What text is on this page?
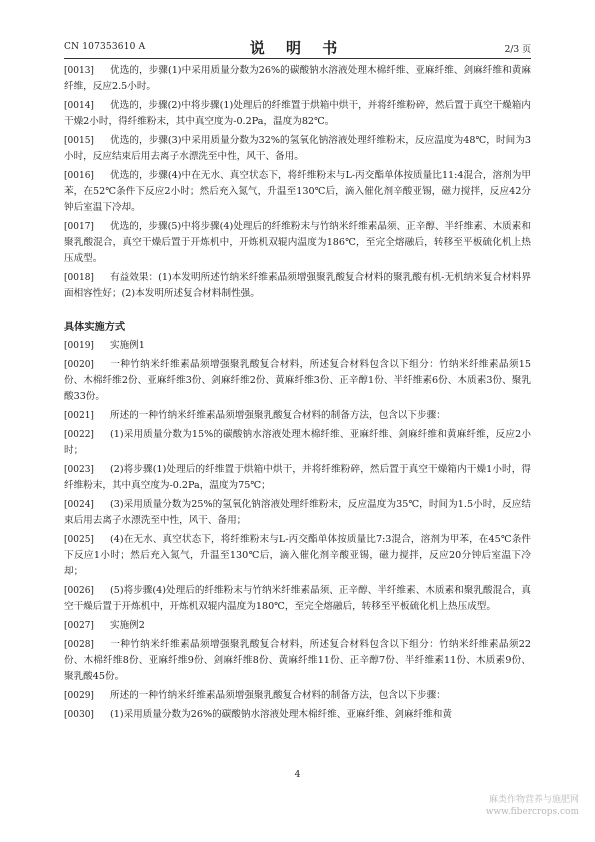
CN 107353610 A	说 明 书	2/3 页
[0013] 优选的，步骤(1)中采用质量分数为26%的碳酸钠水溶液处理木棉纤维、亚麻纤维、剑麻纤维和黄麻纤维，反应2.5小时。
[0014] 优选的，步骤(2)中将步骤(1)处理后的纤维置于烘箱中烘干，并将纤维粉碎，然后置于真空干燥箱内干燥2小时，得纤维粉末，其中真空度为-0.2Pa，温度为82℃。
[0015] 优选的，步骤(3)中采用质量分数为32%的氢氧化钠溶液处理纤维粉末，反应温度为48℃，时间为3小时，反应结束后用去离子水漂洗至中性，风干、备用。
[0016] 优选的，步骤(4)中在无水、真空状态下，将纤维粉末与L-丙交酯单体按质量比11:4混合，溶剂为甲苯，在52℃条件下反应2小时；然后充入氮气，升温至130℃后，滴入催化剂辛酸亚锡，磁力搅拌，反应42分钟后室温下冷却。
[0017] 优选的，步骤(5)中将步骤(4)处理后的纤维粉末与竹纳米纤维素晶须、正辛醇、半纤维素、木质素和聚乳酸混合，真空干燥后置于开炼机中，开炼机双辊内温度为186℃，至完全熔融后，转移至平板硫化机上热压成型。
[0018] 有益效果：(1)本发明所述竹纳米纤维素晶须增强聚乳酸复合材料的聚乳酸有机-无机纳米复合材料界面相容性好；(2)本发明所述复合材料制性强。
具体实施方式
[0019] 实施例1
[0020] 一种竹纳米纤维素晶须增强聚乳酸复合材料，所述复合材料包含以下组分：竹纳米纤维素晶须15份、木棉纤维2份、亚麻纤维3份、剑麻纤维2份、黄麻纤维3份、正辛醇1份、半纤维素6份、木质素3份、聚乳酸33份。
[0021] 所述的一种竹纳米纤维素晶须增强聚乳酸复合材料的制备方法，包含以下步骤：
[0022] (1)采用质量分数为15%的碳酸钠水溶液处理木棉纤维、亚麻纤维、剑麻纤维和黄麻纤维，反应2小时；
[0023] (2)将步骤(1)处理后的纤维置于烘箱中烘干，并将纤维粉碎，然后置于真空干燥箱内干燥1小时，得纤维粉末，其中真空度为-0.2Pa，温度为75℃；
[0024] (3)采用质量分数为25%的氢氧化钠溶液处理纤维粉末，反应温度为35℃，时间为1.5小时，反应结束后用去离子水漂洗至中性，风干、备用；
[0025] (4)在无水、真空状态下，将纤维粉末与L-丙交酯单体按质量比7:3混合，溶剂为甲苯，在45℃条件下反应1小时；然后充入氮气，升温至130℃后，滴入催化剂辛酸亚锡，磁力搅拌，反应20分钟后室温下冷却；
[0026] (5)将步骤(4)处理后的纤维粉末与竹纳米纤维素晶须、正辛醇、半纤维素、木质素和聚乳酸混合，真空干燥后置于开炼机中，开炼机双辊内温度为180℃，至完全熔融后，转移至平板硫化机上热压成型。
[0027] 实施例2
[0028] 一种竹纳米纤维素晶须增强聚乳酸复合材料，所述复合材料包含以下组分：竹纳米纤维素晶须22份、木棉纤维8份、亚麻纤维9份、剑麻纤维8份、黄麻纤维11份、正辛醇7份、半纤维素11份、木质素9份、聚乳酸45份。
[0029] 所述的一种竹纳米纤维素晶须增强聚乳酸复合材料的制备方法，包含以下步骤：
[0030] (1)采用质量分数为26%的碳酸钠水溶液处理木棉纤维、亚麻纤维、剑麻纤维和黄
4
麻类作物营养与施肥网
www.fibercrops.com
